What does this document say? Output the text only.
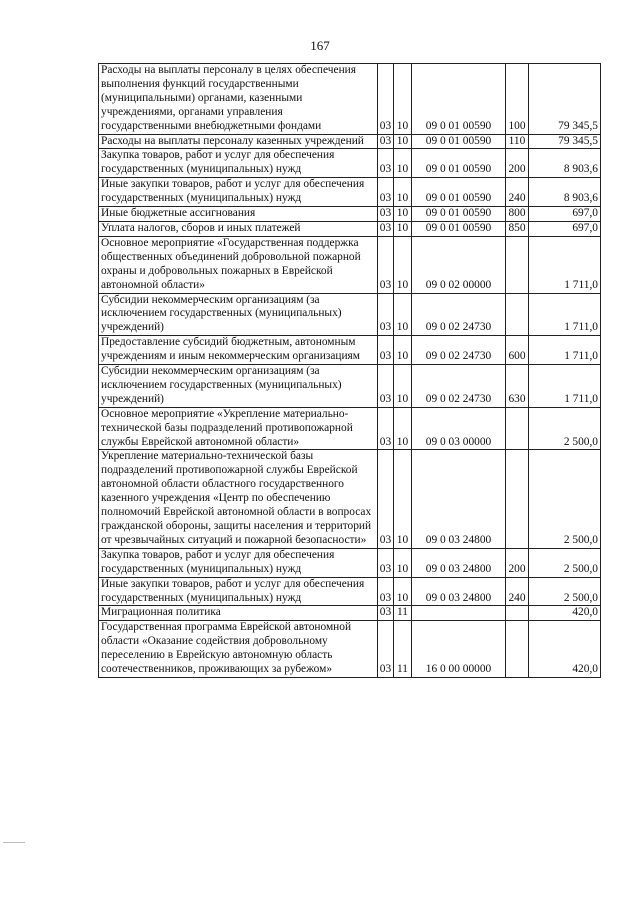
167
Расходы на выплаты персоналу в целях обеспечения выполнения функций государственными (муниципальными) органами, казенными учреждениями, органами управления государственными внебюджетными фондами	03	10	09 0 01 00590	100	79 345,5
Расходы на выплаты персоналу казенных учреждений	03	10	09 0 01 00590	110	79 345,5
Закупка товаров, работ и услуг для обеспечения государственных (муниципальных) нужд	03	10	09 0 01 00590	200	8 903,6
Иные закупки товаров, работ и услуг для обеспечения государственных (муниципальных) нужд	03	10	09 0 01 00590	240	8 903,6
Иные бюджетные ассигнования	03	10	09 0 01 00590	800	697,0
Уплата налогов, сборов и иных платежей	03	10	09 0 01 00590	850	697,0
Основное мероприятие «Государственная поддержка общественных объединений добровольной пожарной охраны и добровольных пожарных в Еврейской автономной области»	03	10	09 0 02 00000		1 711,0
Субсидии некоммерческим организациям (за исключением государственных (муниципальных) учреждений)	03	10	09 0 02 24730		1 711,0
Предоставление субсидий бюджетным, автономным учреждениям и иным некоммерческим организациям	03	10	09 0 02 24730	600	1 711,0
Субсидии некоммерческим организациям (за исключением государственных (муниципальных) учреждений)	03	10	09 0 02 24730	630	1 711,0
Основное мероприятие «Укрепление материально-технической базы подразделений противопожарной службы Еврейской автономной области»	03	10	09 0 03 00000		2 500,0
Укрепление материально-технической базы подразделений противопожарной службы Еврейской автономной области областного государственного казенного учреждения «Центр по обеспечению полномочий Еврейской автономной области в вопросах гражданской обороны, защиты населения и территорий от чрезвычайных ситуаций и пожарной безопасности»	03	10	09 0 03 24800		2 500,0
Закупка товаров, работ и услуг для обеспечения государственных (муниципальных) нужд	03	10	09 0 03 24800	200	2 500,0
Иные закупки товаров, работ и услуг для обеспечения государственных (муниципальных) нужд	03	10	09 0 03 24800	240	2 500,0
Миграционная политика	03	11			420,0
Государственная программа Еврейской автономной области «Оказание содействия добровольному переселению в Еврейскую автономную область соотечественников, проживающих за рубежом»	03	11	16 0 00 00000		420,0
